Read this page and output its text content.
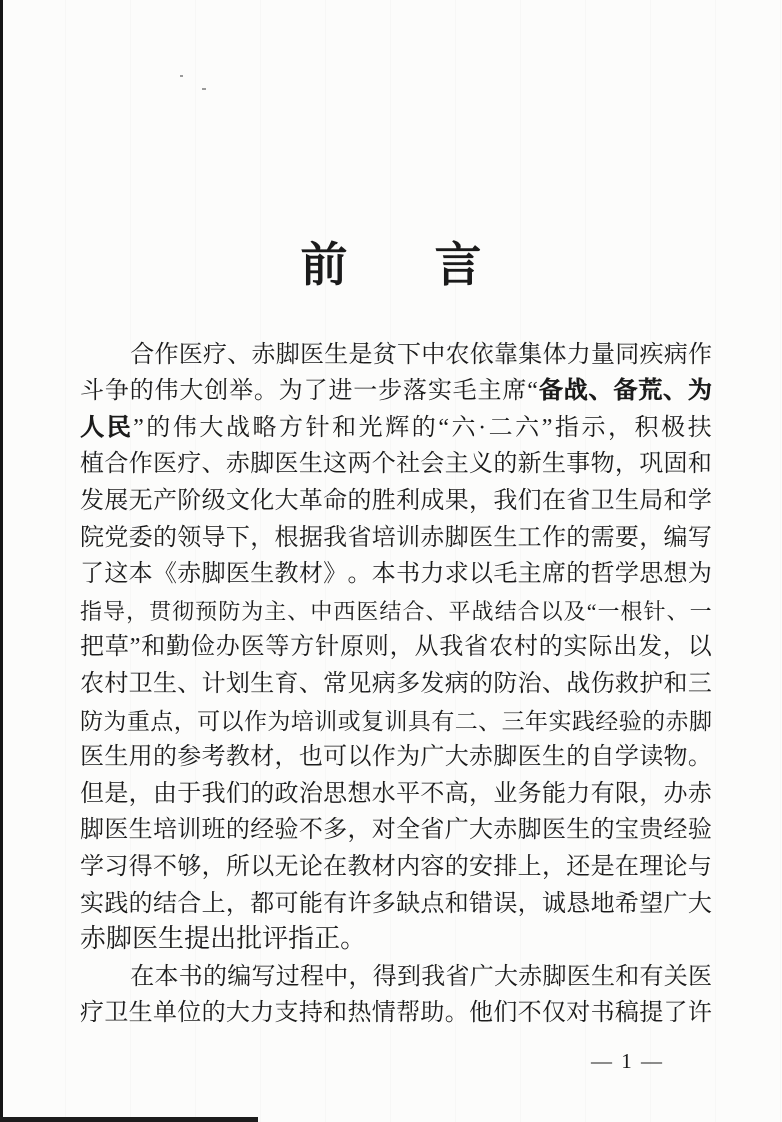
前 言
合 作 医 疗 、 赤 脚 医 生 是 贫 下 中 农 依 靠 集 体 力 量 同 疾 病 作
斗 争 的 伟 大 创 举 。 为 了 进 一 步 落 实 毛 主 席 “ 备 战 、 备 荒 、 为
人 民 ” 的 伟 大 战 略 方 针 和 光 辉 的 “ 六 · 二 六 ” 指 示 ， 积 极 扶
植 合 作 医 疗 、 赤 脚 医 生 这 两 个 社 会 主 义 的 新 生 事 物 ， 巩 固 和
发 展 无 产 阶 级 文 化 大 革 命 的 胜 利 成 果 ， 我 们 在 省 卫 生 局 和 学
院 党 委 的 领 导 下 ， 根 据 我 省 培 训 赤 脚 医 生 工 作 的 需 要 ， 编 写
了 这 本 《 赤 脚 医 生 教 材 》 。 本 书 力 求 以 毛 主 席 的 哲 学 思 想 为
指 导 ， 贯 彻 预 防 为 主 、 中 西 医 结 合 、 平 战 结 合 以 及 “ 一 根 针 、 一
把 草 ” 和 勤 俭 办 医 等 方 针 原 则 ， 从 我 省 农 村 的 实 际 出 发 ， 以
农 村 卫 生 、 计 划 生 育 、 常 见 病 多 发 病 的 防 治 、 战 伤 救 护 和 三
防 为 重 点 ， 可 以 作 为 培 训 或 复 训 具 有 二 、 三 年 实 践 经 验 的 赤 脚
医 生 用 的 参 考 教 材 ， 也 可 以 作 为 广 大 赤 脚 医 生 的 自 学 读 物 。
但 是 ， 由 于 我 们 的 政 治 思 想 水 平 不 高 ， 业 务 能 力 有 限 ， 办 赤
脚 医 生 培 训 班 的 经 验 不 多 ， 对 全 省 广 大 赤 脚 医 生 的 宝 贵 经 验
学 习 得 不 够 ， 所 以 无 论 在 教 材 内 容 的 安 排 上 ， 还 是 在 理 论 与
实 践 的 结 合 上 ， 都 可 能 有 许 多 缺 点 和 错 误 ， 诚 恳 地 希 望 广 大
赤 脚 医 生 提 出 批 评 指 正 。
在 本 书 的 编 写 过 程 中 ， 得 到 我 省 广 大 赤 脚 医 生 和 有 关 医
疗 卫 生 单 位 的 大 力 支 持 和 热 情 帮 助 。 他 们 不 仅 对 书 稿 提 了 许
— 1 —
